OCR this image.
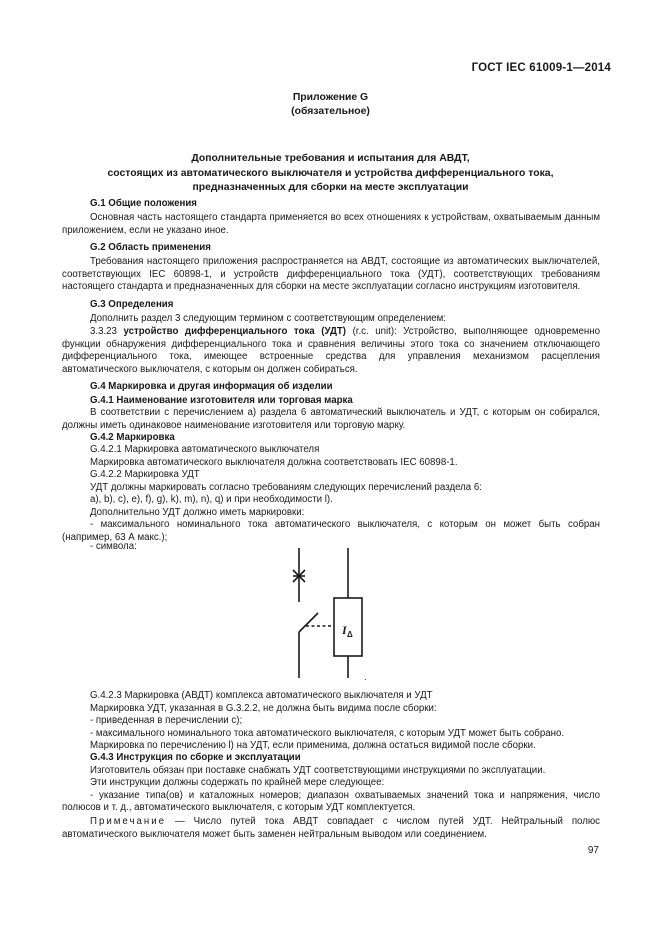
ГОСТ IEC 61009-1—2014
Приложение G
(обязательное)
Дополнительные требования и испытания для АВДТ,
состоящих из автоматического выключателя и устройства дифференциального тока,
предназначенных для сборки на месте эксплуатации
G.1 Общие положения
Основная часть настоящего стандарта применяется во всех отношениях к устройствам, охватываемым данным приложением, если не указано иное.
G.2 Область применения
Требования настоящего приложения распространяется на АВДТ, состоящие из автоматических выключателей, соответствующих IEC 60898-1, и устройств дифференциального тока (УДТ), соответствующих требованиям настоящего стандарта и предназначенных для сборки на месте эксплуатации согласно инструкциям изготовителя.
G.3 Определения
Дополнить раздел 3 следующим термином с соответствующим определением:
3.3.23 устройство дифференциального тока (УДТ) (r.c. unit): Устройство, выполняющее одновременно функции обнаружения дифференциального тока и сравнения величины этого тока со значением отключающего дифференциального тока, имеющее встроенные средства для управления механизмом расцепления автоматического выключателя, с которым он должен собираться.
G.4 Маркировка и другая информация об изделии
G.4.1 Наименование изготовителя или торговая марка
В соответствии с перечислением а) раздела 6 автоматический выключатель и УДТ, с которым он собирался, должны иметь одинаковое наименование изготовителя или торговую марку.
G.4.2 Маркировка
G.4.2.1 Маркировка автоматического выключателя
Маркировка автоматического выключателя должна соответствовать IEC 60898-1.
G.4.2.2 Маркировка УДТ
УДТ должны маркировать согласно требованиям следующих перечислений раздела 6:
a), b), c), e), f), g), k), m), n), q) и при необходимости l).
Дополнительно УДТ должно иметь маркировки:
- максимального номинального тока автоматического выключателя, с которым он может быть собран (например, 63 А макс.);
- символа:
I Δ
.
G.4.2.3 Маркировка (АВДТ) комплекса автоматического выключателя и УДТ
Маркировка УДТ, указанная в G.3.2.2, не должна быть видима после сборки:
- приведенная в перечислении с);
- максимального номинального тока автоматического выключателя, с которым УДТ может быть собрано.
Маркировка по перечислению l) на УДТ, если применима, должна остаться видимой после сборки.
G.4.3 Инструкция по сборке и эксплуатации
Изготовитель обязан при поставке снабжать УДТ соответствующими инструкциями по эксплуатации.
Эти инструкции должны содержать по крайней мере следующее:
- указание типа(ов) и каталожных номеров; диапазон охватываемых значений тока и напряжения, число полюсов и т. д., автоматического выключателя, с которым УДТ комплектуется.
Примечание — Число путей тока АВДТ совпадает с числом путей УДТ. Нейтральный полюс автоматического выключателя может быть заменен нейтральным выводом или соединением.
97
